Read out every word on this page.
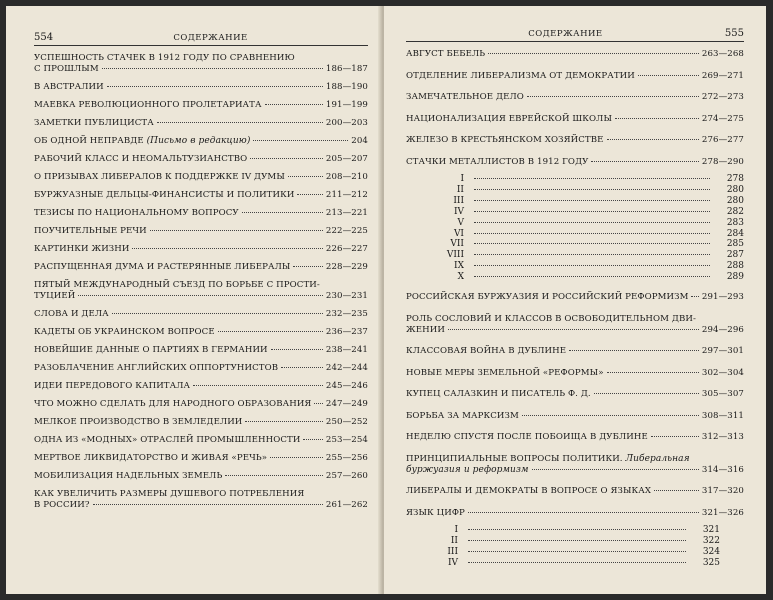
554	СОДЕРЖАНИЕ
УСПЕШНОСТЬ СТАЧЕК В 1912 ГОДУ ПО СРАВНЕНИЮ
С ПРОШЛЫМ	186—187
В АВСТРАЛИИ	188—190
МАЕВКА РЕВОЛЮЦИОННОГО ПРОЛЕТАРИАТА	191—199
ЗАМЕТКИ ПУБЛИЦИСТА	200—203
ОБ ОДНОЙ НЕПРАВДЕ (Письмо в редакцию)	204
РАБОЧИЙ КЛАСС И НЕОМАЛЬТУЗИАНСТВО	205—207
О ПРИЗЫВАХ ЛИБЕРАЛОВ К ПОДДЕРЖКЕ IV ДУМЫ	208—210
БУРЖУАЗНЫЕ ДЕЛЬЦЫ-ФИНАНСИСТЫ И ПОЛИТИКИ	211—212
ТЕЗИСЫ ПО НАЦИОНАЛЬНОМУ ВОПРОСУ	213—221
ПОУЧИТЕЛЬНЫЕ РЕЧИ	222—225
КАРТИНКИ ЖИЗНИ	226—227
РАСПУЩЕННАЯ ДУМА И РАСТЕРЯННЫЕ ЛИБЕРАЛЫ	228—229
ПЯТЫЙ МЕЖДУНАРОДНЫЙ СЪЕЗД ПО БОРЬБЕ С ПРОСТИ-
ТУЦИЕЙ	230—231
СЛОВА И ДЕЛА	232—235
КАДЕТЫ ОБ УКРАИНСКОМ ВОПРОСЕ	236—237
НОВЕЙШИЕ ДАННЫЕ О ПАРТИЯХ В ГЕРМАНИИ	238—241
РАЗОБЛАЧЕНИЕ АНГЛИЙСКИХ ОППОРТУНИСТОВ	242—244
ИДЕИ ПЕРЕДОВОГО КАПИТАЛА	245—246
ЧТО МОЖНО СДЕЛАТЬ ДЛЯ НАРОДНОГО ОБРАЗОВАНИЯ 247—249
МЕЛКОЕ ПРОИЗВОДСТВО В ЗЕМЛЕДЕЛИИ	250—252
ОДНА ИЗ «МОДНЫХ» ОТРАСЛЕЙ ПРОМЫШЛЕННОСТИ	253—254
МЕРТВОЕ ЛИКВИДАТОРСТВО И ЖИВАЯ «РЕЧЬ»	255—256
МОБИЛИЗАЦИЯ НАДЕЛЬНЫХ ЗЕМЕЛЬ	257—260
КАК УВЕЛИЧИТЬ РАЗМЕРЫ ДУШЕВОГО ПОТРЕБЛЕНИЯ
В РОССИИ?	261—262
СОДЕРЖАНИЕ	555
АВГУСТ БЕБЕЛЬ	263—268
ОТДЕЛЕНИЕ ЛИБЕРАЛИЗМА ОТ ДЕМОКРАТИИ	269—271
ЗАМЕЧАТЕЛЬНОЕ ДЕЛО	272—273
НАЦИОНАЛИЗАЦИЯ ЕВРЕЙСКОЙ ШКОЛЫ	274—275
ЖЕЛЕЗО В КРЕСТЬЯНСКОМ ХОЗЯЙСТВЕ	276—277
СТАЧКИ МЕТАЛЛИСТОВ В 1912 ГОДУ	278—290
I	278
II	280
III	280
IV	282
V	283
VI	284
VII	285
VIII	287
IX	288
X	289
РОССИЙСКАЯ БУРЖУАЗИЯ И РОССИЙСКИЙ РЕФОРМИЗМ 291—293
РОЛЬ СОСЛОВИЙ И КЛАССОВ В ОСВОБОДИТЕЛЬНОМ ДВИ-
ЖЕНИИ	294—296
КЛАССОВАЯ ВОЙНА В ДУБЛИНЕ	297—301
НОВЫЕ МЕРЫ ЗЕМЕЛЬНОЙ «РЕФОРМЫ»	302—304
КУПЕЦ САЛАЗКИН И ПИСАТЕЛЬ Ф. Д.	305—307
БОРЬБА ЗА МАРКСИЗМ	308—311
НЕДЕЛЮ СПУСТЯ ПОСЛЕ ПОБОИЩА В ДУБЛИНЕ	312—313
ПРИНЦИПИАЛЬНЫЕ ВОПРОСЫ ПОЛИТИКИ. Либеральная
буржуазия и реформизм	314—316
ЛИБЕРАЛЫ И ДЕМОКРАТЫ В ВОПРОСЕ О ЯЗЫКАХ	317—320
ЯЗЫК ЦИФР	321—326
I	321
II	322
III	324
IV	325
